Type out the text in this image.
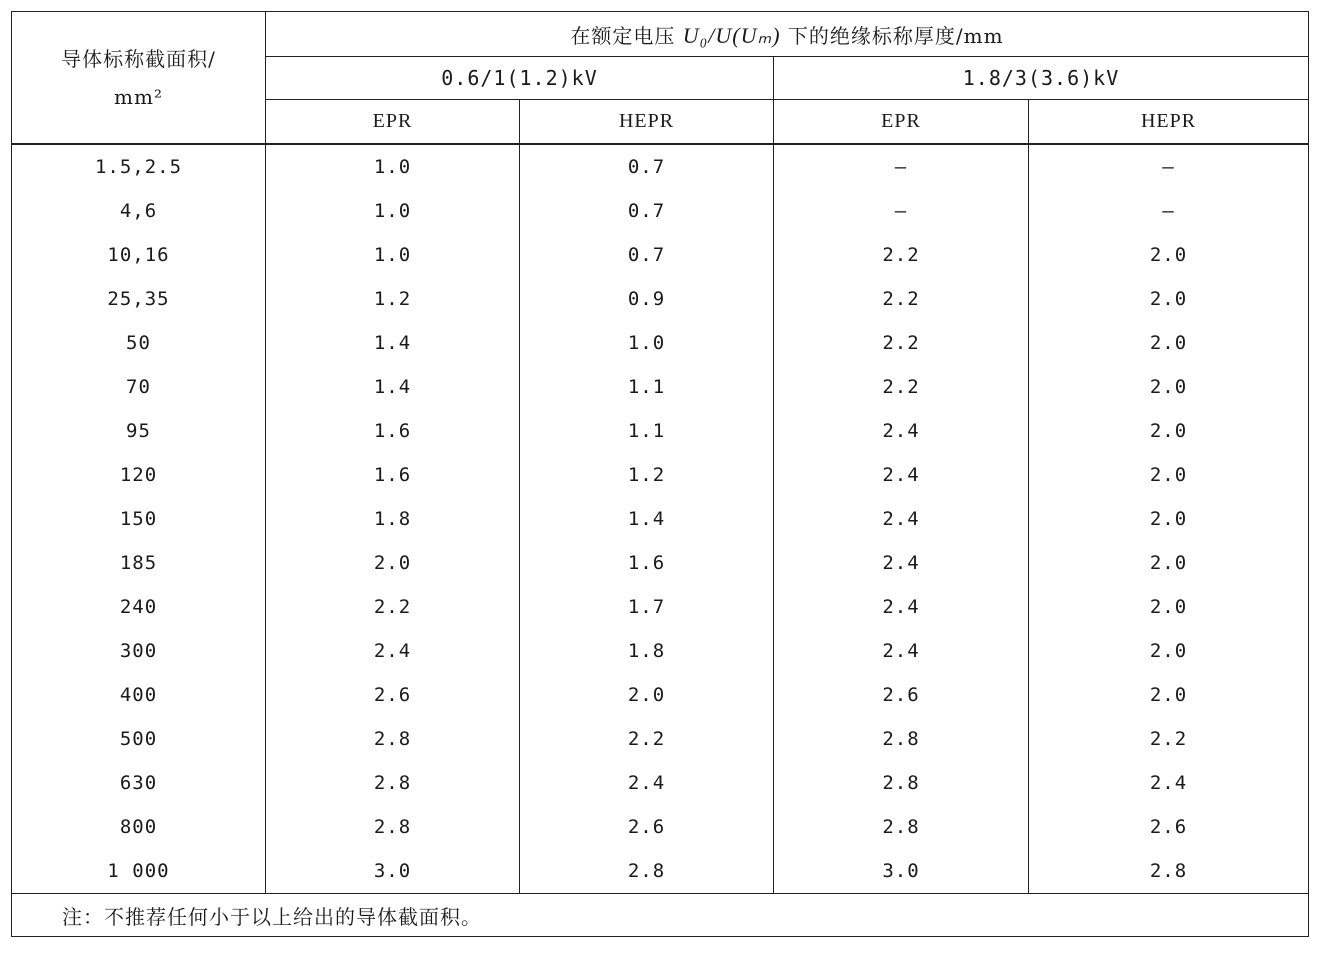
导体标称截面积/
mm²	在额定电压 U₀/U(Uₘ) 下的绝缘标称厚度/mm			
	0.6/1(1.2)kV		1.8/3(3.6)kV	
	EPR	HEPR	EPR	HEPR
1.5,2.5	1.0	0.7	—	—
4,6	1.0	0.7	—	—
10,16	1.0	0.7	2.2	2.0
25,35	1.2	0.9	2.2	2.0
50	1.4	1.0	2.2	2.0
70	1.4	1.1	2.2	2.0
95	1.6	1.1	2.4	2.0
120	1.6	1.2	2.4	2.0
150	1.8	1.4	2.4	2.0
185	2.0	1.6	2.4	2.0
240	2.2	1.7	2.4	2.0
300	2.4	1.8	2.4	2.0
400	2.6	2.0	2.6	2.0
500	2.8	2.2	2.8	2.2
630	2.8	2.4	2.8	2.4
800	2.8	2.6	2.8	2.6
1 000	3.0	2.8	3.0	2.8
注：不推荐任何小于以上给出的导体截面积。				
